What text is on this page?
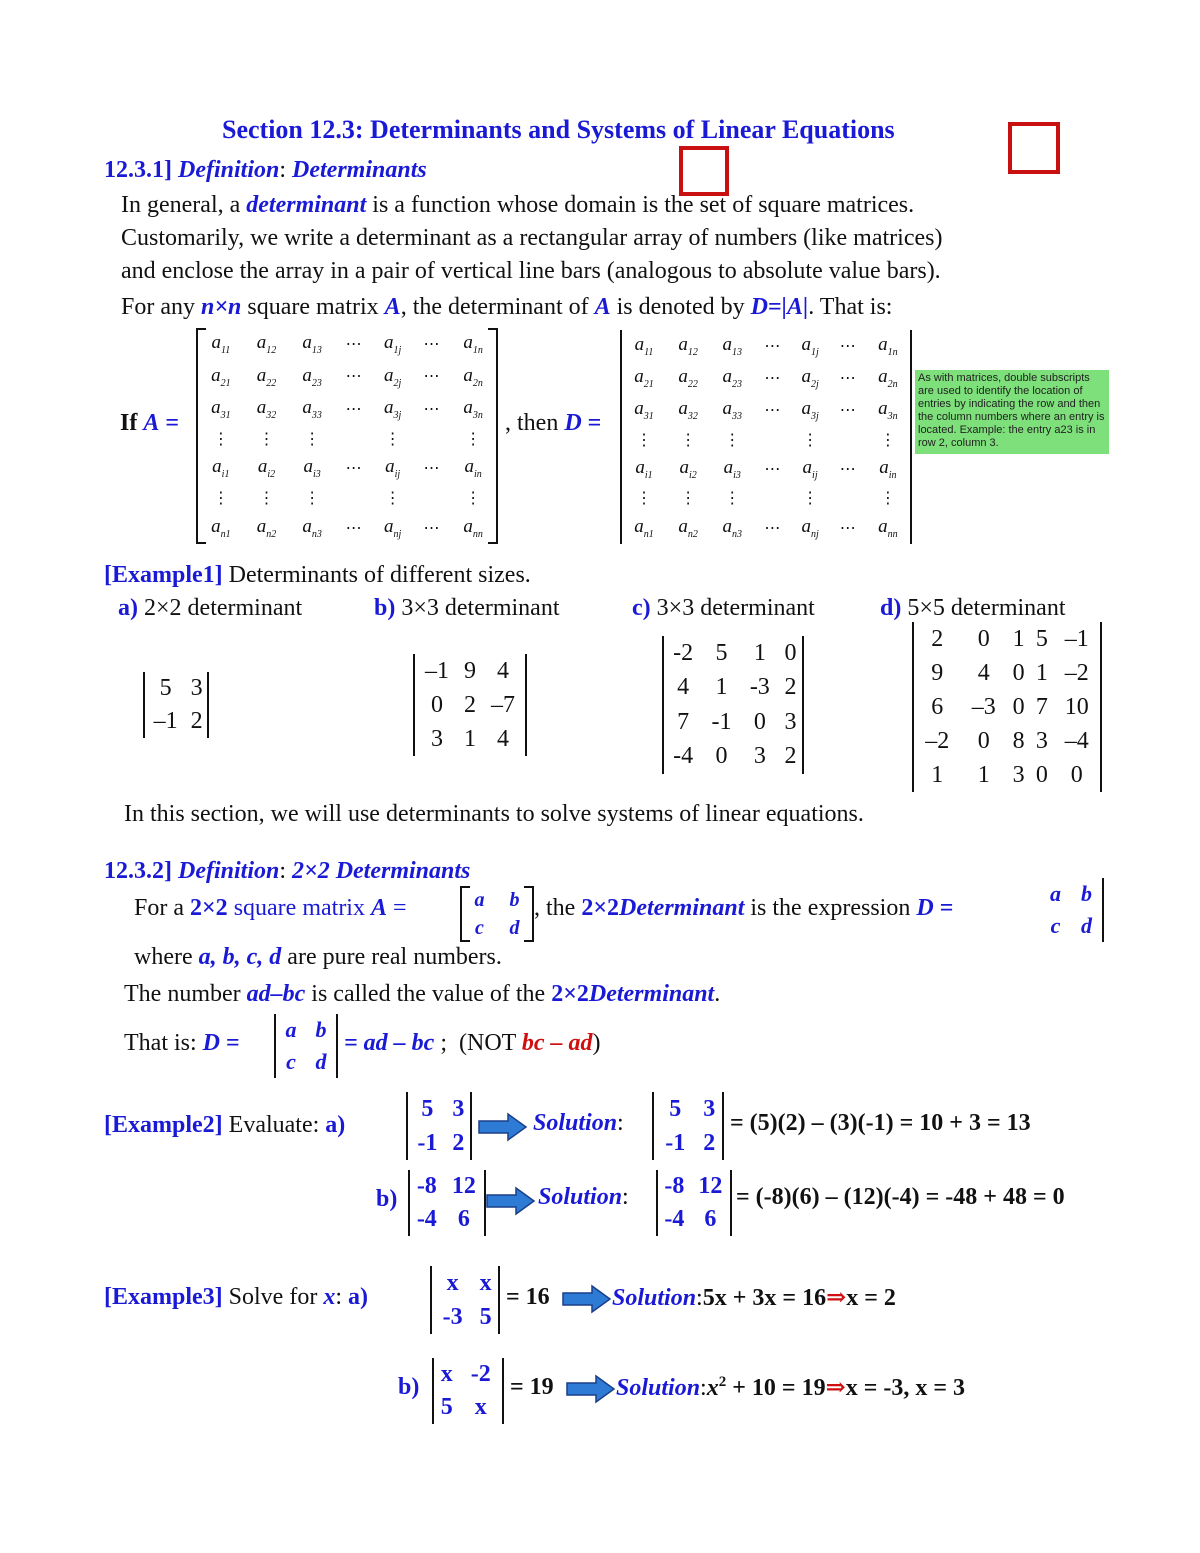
Section 12.3: Determinants and Systems of Linear Equations
12.3.1] Definition: Determinants
In general, a determinant is a function whose domain is the set of square matrices.
Customarily, we write a determinant as a rectangular array of numbers (like matrices)
and enclose the array in a pair of vertical line bars (analogous to absolute value bars).
For any n×n square matrix A, the determinant of A is denoted by D=|A|. That is:
If A =
$a_{11}$	$a_{12}$	$a_{13}$	⋯	$a_{1j}$	⋯	$a_{1n}$
$a_{21}$	$a_{22}$	$a_{23}$	⋯	$a_{2j}$	⋯	$a_{2n}$
$a_{31}$	$a_{32}$	$a_{33}$	⋯	$a_{3j}$	⋯	$a_{3n}$
⋮	⋮	⋮		⋮		⋮
$a_{i1}$	$a_{i2}$	$a_{i3}$	⋯	$a_{ij}$	⋯	$a_{in}$
⋮	⋮	⋮		⋮		⋮
$a_{n1}$	$a_{n2}$	$a_{n3}$	⋯	$a_{nj}$	⋯	$a_{nn}$
, then D =
$a_{11}$	$a_{12}$	$a_{13}$	⋯	$a_{1j}$	⋯	$a_{1n}$
$a_{21}$	$a_{22}$	$a_{23}$	⋯	$a_{2j}$	⋯	$a_{2n}$
$a_{31}$	$a_{32}$	$a_{33}$	⋯	$a_{3j}$	⋯	$a_{3n}$
⋮	⋮	⋮		⋮		⋮
$a_{i1}$	$a_{i2}$	$a_{i3}$	⋯	$a_{ij}$	⋯	$a_{in}$
⋮	⋮	⋮		⋮		⋮
$a_{n1}$	$a_{n2}$	$a_{n3}$	⋯	$a_{nj}$	⋯	$a_{nn}$
As with matrices, double subscripts are used to identify the location of entries by indicating the row and then the column numbers where an entry is located. Example: the entry a23 is in row 2, column 3.
[Example1] Determinants of different sizes.
a) 2×2 determinant	b) 3×3 determinant	c) 3×3 determinant	d) 5×5 determinant
5	3
–1	2
–1	9	4
0	2	–7
3	1	4
-2	5	1	0
4	1	-3	2
7	-1	0	3
-4	0	3	2
2	0	1	5	–1
9	4	0	1	–2
6	–3	0	7	10
–2	0	8	3	–4
1	1	3	0	0
In this section, we will use determinants to solve systems of linear equations.
12.3.2] Definition: 2×2 Determinants
For a 2×2 square matrix A =	a	b
c	d
, the 2×2Determinant is the expression D =
a	b
c	d
where a, b, c, d are pure real numbers.
The number ad–bc is called the value of the 2×2Determinant.
That is: D =
a	b
c	d
= ad – bc ; (NOT bc – ad)
[Example2] Evaluate: a)
5	3
-1	2
Solution:
5	3
-1	2
= (5)(2) – (3)(-1) = 10 + 3 = 13
b) -8	12
-4	6
Solution: -8	12
-4	6
= (-8)(6) – (12)(-4) = -48 + 48 = 0
[Example3] Solve for x: a)
x	x
-3	5
= 16	Solution:5x + 3x = 16⇒x = 2
b) x	-2
5	x
= 19	$Solution:x^2 + 10$ = 19⇒x = -3, x = 3
